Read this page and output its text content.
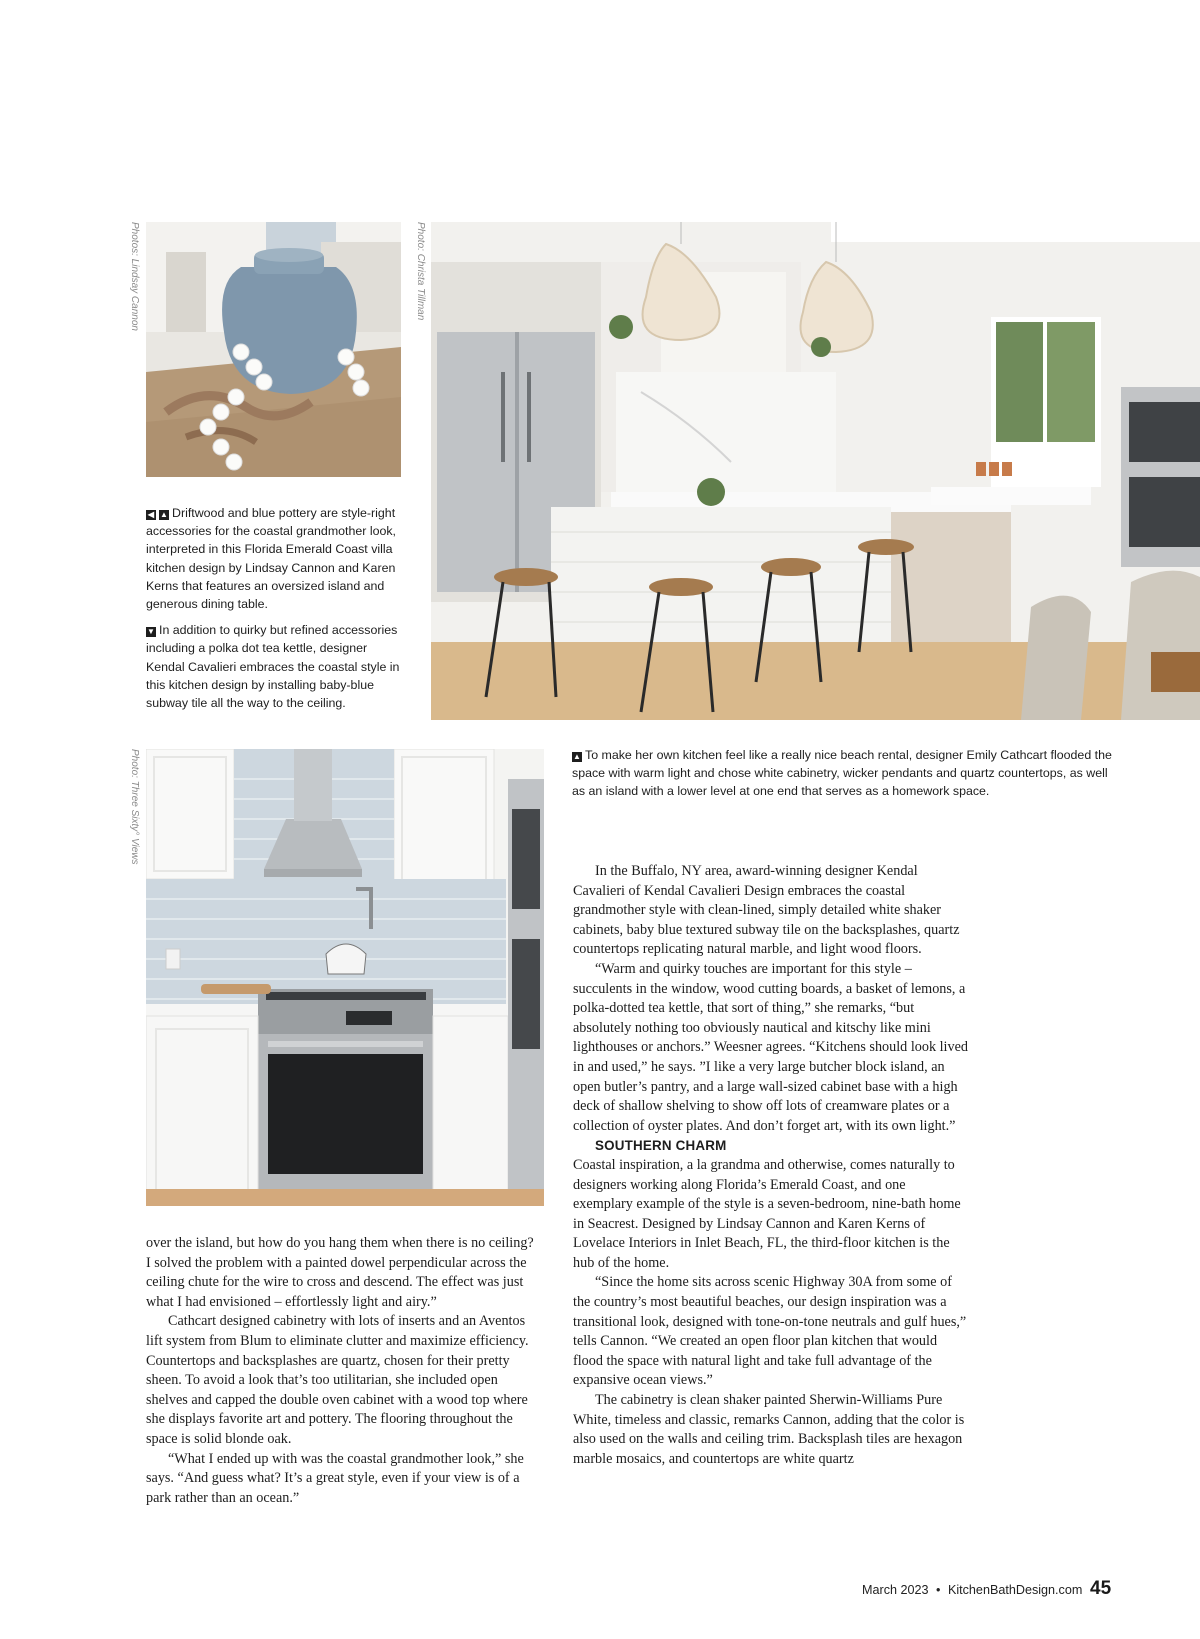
Photos: Lindsay Cannon	Photo: Christa Tillman
Photo: Three Sixty° Views

◀ ▲ Driftwood and blue pottery are style-right accessories for the coastal grandmother look, interpreted in this Florida Emerald Coast villa kitchen design by Lindsay Cannon and Karen Kerns that features an oversized island and generous dining table.

▼ In addition to quirky but refined accessories including a polka dot tea kettle, designer Kendal Cavalieri embraces the coastal style in this kitchen design by installing baby-blue subway tile all the way to the ceiling.

▲ To make her own kitchen feel like a really nice beach rental, designer Emily Cathcart flooded the space with warm light and chose white cabinetry, wicker pendants and quartz countertops, as well as an island with a lower level at one end that serves as a homework space.

over the island, but how do you hang them when there is no ceiling? I solved the problem with a painted dowel perpendicular across the ceiling chute for the wire to cross and descend. The effect was just what I had envisioned – effortlessly light and airy.”

Cathcart designed cabinetry with lots of inserts and an Aventos lift system from Blum to eliminate clutter and maximize efficiency. Countertops and backsplashes are quartz, chosen for their pretty sheen. To avoid a look that’s too utilitarian, she included open shelves and capped the double oven cabinet with a wood top where she displays favorite art and pottery. The flooring throughout the space is solid blonde oak.

“What I ended up with was the coastal grandmother look,” she says. “And guess what? It’s a great style, even if your view is of a park rather than an ocean.”

In the Buffalo, NY area, award-winning designer Kendal Cavalieri of Kendal Cavalieri Design embraces the coastal grandmother style with clean-lined, simply detailed white shaker cabinets, baby blue textured subway tile on the backsplashes, quartz countertops replicating natural marble, and light wood floors.

“Warm and quirky touches are important for this style – succulents in the window, wood cutting boards, a basket of lemons, a polka-dotted tea kettle, that sort of thing,” she remarks, “but absolutely nothing too obviously nautical and kitschy like mini lighthouses or anchors.” Weesner agrees. “Kitchens should look lived in and used,” he says. ”I like a very large butcher block island, an open butler’s pantry, and a large wall-sized cabinet base with a high deck of shallow shelving to show off lots of creamware plates or a collection of oyster plates. And don’t forget art, with its own light.”

SOUTHERN CHARM

Coastal inspiration, a la grandma and otherwise, comes naturally to designers working along Florida’s Emerald Coast, and one exemplary example of the style is a seven-bedroom, nine-bath home in Seacrest. Designed by Lindsay Cannon and Karen Kerns of Lovelace Interiors in Inlet Beach, FL, the third-floor kitchen is the hub of the home.

“Since the home sits across scenic Highway 30A from some of the country’s most beautiful beaches, our design inspiration was a transitional look, designed with tone-on-tone neutrals and gulf hues,” tells Cannon. “We created an open floor plan kitchen that would flood the space with natural light and take full advantage of the expansive ocean views.”

The cabinetry is clean shaker painted Sherwin-Williams Pure White, timeless and classic, remarks Cannon, adding that the color is also used on the walls and ceiling trim. Backsplash tiles are hexagon marble mosaics, and countertops are white quartz

March 2023 • KitchenBathDesign.com 45
